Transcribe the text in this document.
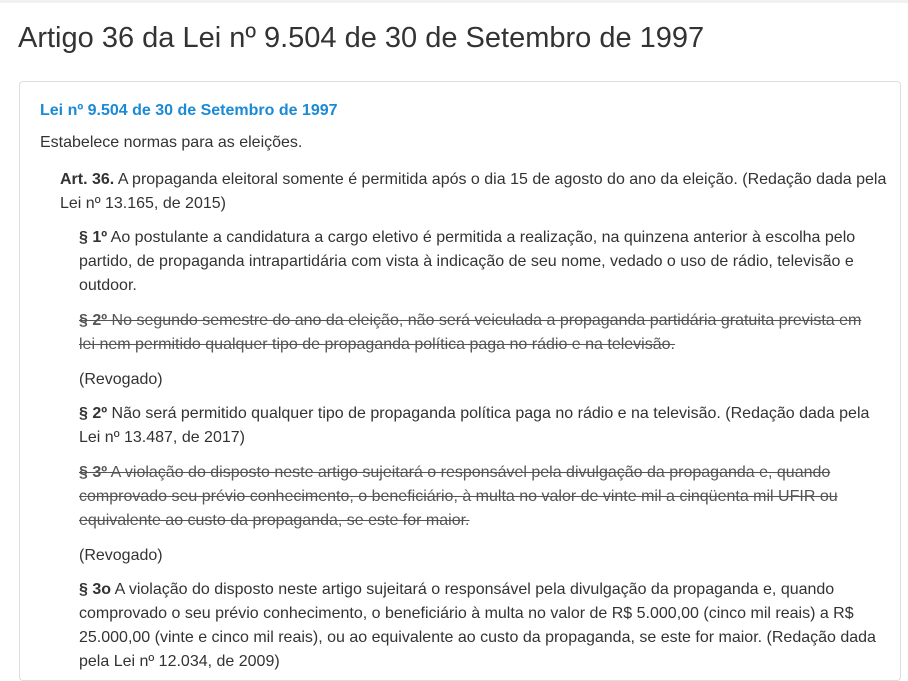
Artigo 36 da Lei nº 9.504 de 30 de Setembro de 1997
Lei nº 9.504 de 30 de Setembro de 1997
Estabelece normas para as eleições.
Art. 36. A propaganda eleitoral somente é permitida após o dia 15 de agosto do ano da eleição. (Redação dada pela Lei nº 13.165, de 2015)
§ 1º Ao postulante a candidatura a cargo eletivo é permitida a realização, na quinzena anterior à escolha pelo partido, de propaganda intrapartidária com vista à indicação de seu nome, vedado o uso de rádio, televisão e outdoor.
§ 2º No segundo semestre do ano da eleição, não será veiculada a propaganda partidária gratuita prevista em lei nem permitido qualquer tipo de propaganda política paga no rádio e na televisão.
(Revogado)
§ 2º Não será permitido qualquer tipo de propaganda política paga no rádio e na televisão. (Redação dada pela Lei nº 13.487, de 2017)
§ 3º A violação do disposto neste artigo sujeitará o responsável pela divulgação da propaganda e, quando comprovado seu prévio conhecimento, o beneficiário, à multa no valor de vinte mil a cinqüenta mil UFIR ou equivalente ao custo da propaganda, se este for maior.
(Revogado)
§ 3o A violação do disposto neste artigo sujeitará o responsável pela divulgação da propaganda e, quando comprovado o seu prévio conhecimento, o beneficiário à multa no valor de R$ 5.000,00 (cinco mil reais) a R$ 25.000,00 (vinte e cinco mil reais), ou ao equivalente ao custo da propaganda, se este for maior. (Redação dada pela Lei nº 12.034, de 2009)
